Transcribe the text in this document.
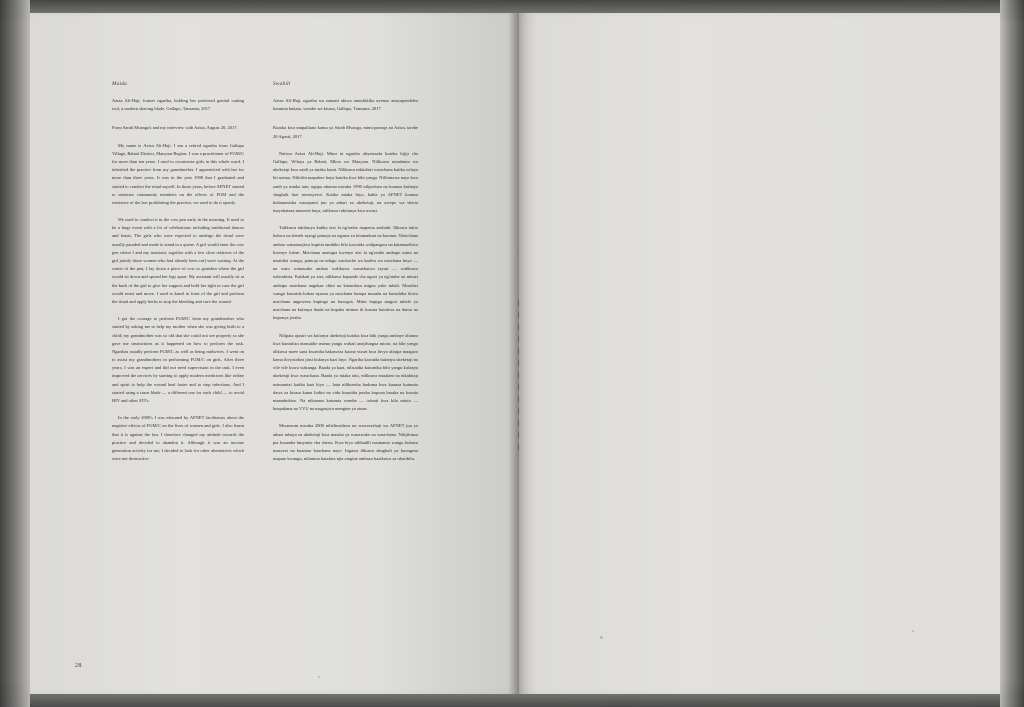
Maida

Aziza Ali-Haji, former ngariba, holding her preferred genital cutting tool, a modern shaving blade, Gallapo, Tanzania, 2017

From Sarah Mvanga's and my interview with Aziza, August 20, 2017.

My name is Aziza Ali-Haji. I am a retired ngariba from Gallapo Village, Babati District, Manyara Region. I was a practitioner of FGM/C for more than ten years. I used to circumcise girls in this whole ward. I inherited the practice from my grandmother. I apprenticed with her for more than three years. It was in the year 1990 that I graduated and started to conduct the ritual myself. In those years, before AFNET started to sensitize community members on the effects of FGM and the existence of the law prohibiting the practice, we used to do it openly.

We used to conduct it in the cow pen early in the morning. It used to be a huge event with a lot of celebrations including traditional dances and feasts. The girls who were expected to undergo the ritual were usually paraded and made to stand in a queue. A girl would enter the cow pen where I and my assistant, together with a few close relatives of the girl jointly those women who had already been cut) were waiting. At the center of the pen, I lay down a piece of cow or goatskin where the girl would sit down and spread her legs apart. My assistant will usually sit at the back of the girl to give her support and hold her tight in case the girl would resist and move. I used to kneel in front of the girl and perform the ritual and apply herbs to stop the bleeding and cure the wound.

I got the courage to perform FGM/C from my grandmother who started by asking me to help my mother when she was giving birth to a child; my grandmother was so old that she could not see properly so she gave me instructions as it happened on how to perform the task. Ngaribas usually perform FGM/C as well as being midwives. I went on to assist my grandmothers in performing FGM/C on girls. After three years, I was an expert and did not need supervision in the task. I even improved the services by starting to apply modern medicines like iodine and spirit to help the wound heal faster and to stop infections. And I started using a razor blade — a different one for each child — to avoid HIV and other STI's.

In the early 2000's I was educated by AFNET facilitators about the negative effects of FGM/C on the lives of women and girls. I also learnt that it is against the law. I therefore changed my attitude towards the practice and decided to abandon it. Although it was an income generation activity for me, I decided to look for other alternatives which were not destructive.

Swahili

Aziza Ali-Haji, ngariba wa zamani akiwa ameshikilia nyenzo anayopendelea kutumia kukata, wembe wa kisasa, Gallapo, Tanzania, 2017

Kutoka kwa mapailiano kamu ya Sarah Mvanga, mimi pamoja na Aziza, tarehe 20 Agosti, 2017

Naitwa Aziza Ali-Haji. Mimi ni ngariba aliyestaafu kutoka kijiji cha Gallapo, Wilaya ya Babati, Mkoa wa Manyara. Nilikuwa mtaalamu wa ukeketaji kwa zaidi ya miaka kumi. Nilikuwa nikitahiri wasichana katika wilaya hii nzima. Nilirithi mapokeo haya kutoka kwa bibi yangu. Nilifunzwa naye kwa zaidi ya miaka tatu; ngapa nitaona mwaka 1990 nilipofuzu na kuanza kufanya shughuli hizi mwenyewe. Katika miaka hiyo, kabla ya AFNET kuanza kuhamasisha wanajamii juu ya athari za ukeketaji, na uwepo wa sheria inayokataza mazoezi haya, tulikuwa tukifanya kwa uwazi.

Tulikuwa tukifanya katika zizi la ng'ombe mapema asubuhi. Ilikuwa tukio kubwa na shereh nyingi pamoja na ngoma za kitamaduni na karamu. Wasichana ambao wanatarajiwa kupitia tambiko hilo kawaida walipangwa na kutamaziliwa kwenye foleni. Msichana anaingia kwenye zizi la ng'ombe ambapo mimi na msaidizi wangu, pamoja na ndugu wachache wa karibu wa msichana huyo — na watu wanawake ambao walikuwa wamekatwa tayari — walikuwa tukisubiria. Katikati ya zizi, nilikuwa kupande cha ngozi ya ng'ombe au mbuzi ambapo msichana angekaa chini na kutandaza miguu yake mbali. Msaidizi wangu kawaida hukaa nyuma ya msichana kumpa msaada na kumshika ikiwa msichana angeweza kupinga na kusogea. Mimi hupiga magoti mbele ya msichana na kufanya ibada na kupaka mimea ili kuzuia kutokwa na damu na kuponya jeraha.

Nilipata ujasiri wa kufanya ukeketaji kutoka kwa bibi yangu ambaye alianza kwa kuniuliza nimsaidie mama yangu wakati anajifungua mtoto; na bibi yangu alikuwa mzee sana kwamba hakuweza kuona vizuri kwa hivyo alinipa maagizo kama ilivyotokea jinsi kufanya kazi hiyo. Ngariba kawaida hufanya ukeketaji na vile vile kuwa wakunga. Baada ya kazi, nilisaidia kutumika bibi yangu kufanya ukeketaji kwa wasichana. Baada ya miaka tatu, nilikuwa mtaalam na nikahitaji usimamizi katika kazi hiyo — hata nilihuesha huduma kwa kuanza kutumia dawa za kisasa kama Iodini na vidu kusaidia jeraha kupona haraka na kuzuia maambukizo. Na nikaanza kutumia wembe — tofauti kwa kila mtoto — kuepukana na VVU na magonjwa mengine ya zinaa.

Mwanzoni mwaka 2000 nilielimishwa na wawezeshaji wa AFNET juu ya athari mbaya za ukeketaji kwa maisha ya wanawake na wasichana. Nilijifunza pia kwamba kinyume cha sheria. Kwa hiyo nilibadili msimamo wangu kuhusu mazoezi na kuamua kuachana nayo. Ingawa ilikuwa shughuli ya kuongeza mapato kwangu, niliamua kutafuta njia zingine ambazo hazikuwa za uharibifu.

28
